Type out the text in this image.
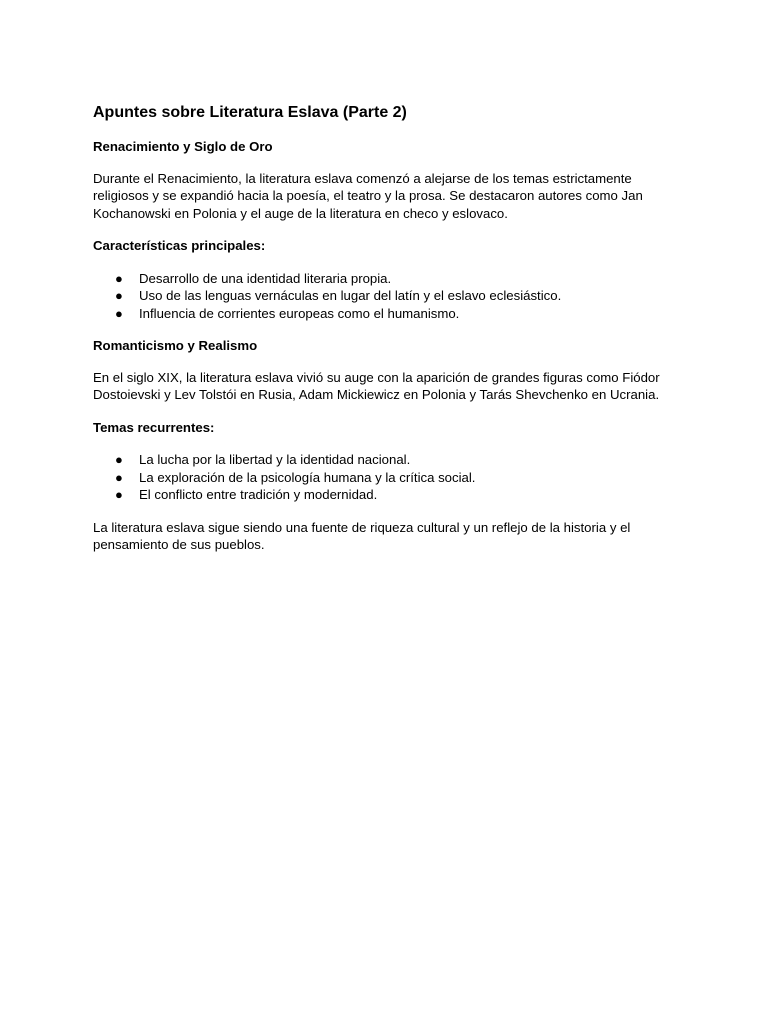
Apuntes sobre Literatura Eslava (Parte 2)
Renacimiento y Siglo de Oro

Durante el Renacimiento, la literatura eslava comenzó a alejarse de los temas estrictamente religiosos y se expandió hacia la poesía, el teatro y la prosa. Se destacaron autores como Jan Kochanowski en Polonia y el auge de la literatura en checo y eslovaco.

Características principales:
● Desarrollo de una identidad literaria propia.
● Uso de las lenguas vernáculas en lugar del latín y el eslavo eclesiástico.
● Influencia de corrientes europeas como el humanismo.
Romanticismo y Realismo

En el siglo XIX, la literatura eslava vivió su auge con la aparición de grandes figuras como Fiódor Dostoievski y Lev Tolstói en Rusia, Adam Mickiewicz en Polonia y Tarás Shevchenko en Ucrania.

Temas recurrentes:
● La lucha por la libertad y la identidad nacional.
● La exploración de la psicología humana y la crítica social.
● El conflicto entre tradición y modernidad.

La literatura eslava sigue siendo una fuente de riqueza cultural y un reflejo de la historia y el pensamiento de sus pueblos.
